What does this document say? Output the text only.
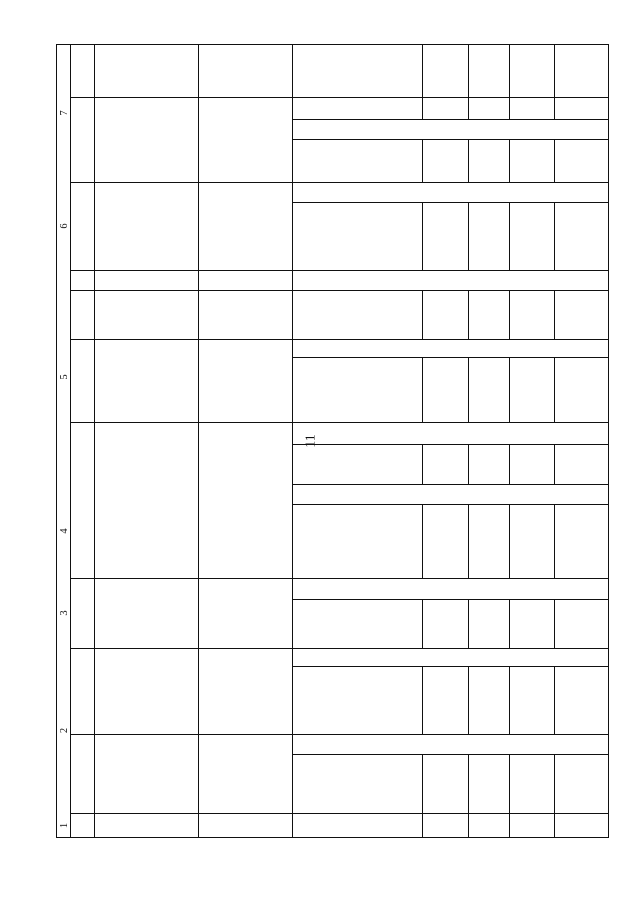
11
1
2
3
4
5
6
7
